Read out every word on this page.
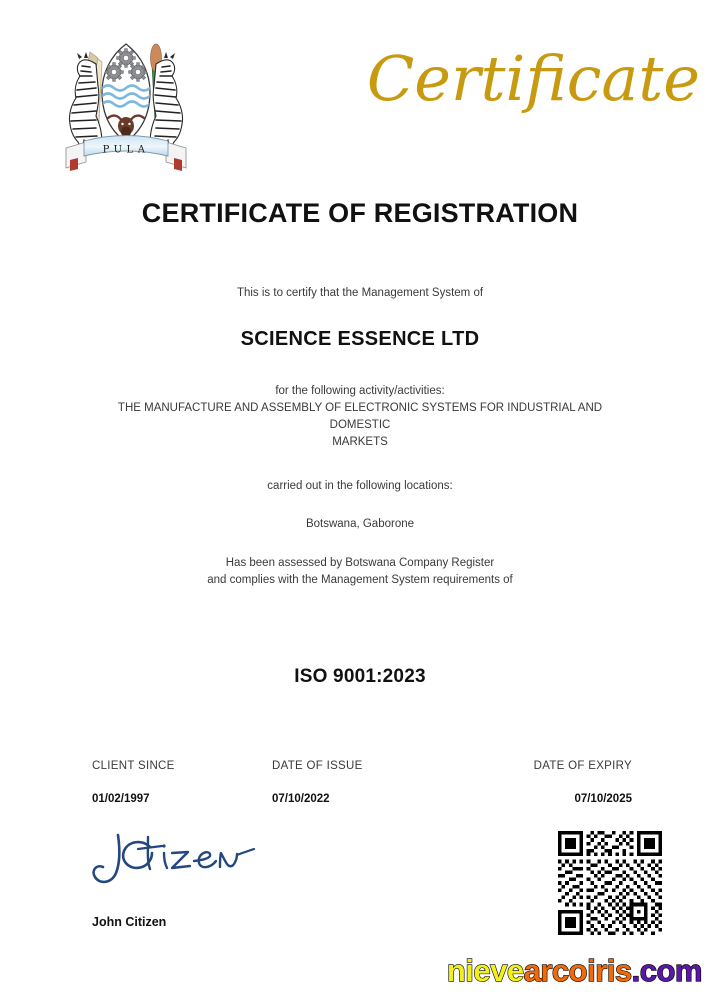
PULA
Certificate
CERTIFICATE OF REGISTRATION
This is to certify that the Management System of
SCIENCE ESSENCE LTD
for the following activity/activities:
THE MANUFACTURE AND ASSEMBLY OF ELECTRONIC SYSTEMS FOR INDUSTRIAL AND
DOMESTIC
MARKETS
carried out in the following locations:
Botswana, Gaborone
Has been assessed by Botswana Company Register
and complies with the Management System requirements of
ISO 9001:2023
CLIENT SINCE
01/02/1997
DATE OF ISSUE
07/10/2022
DATE OF EXPIRY
07/10/2025
John Citizen
nievearcoiris.com
